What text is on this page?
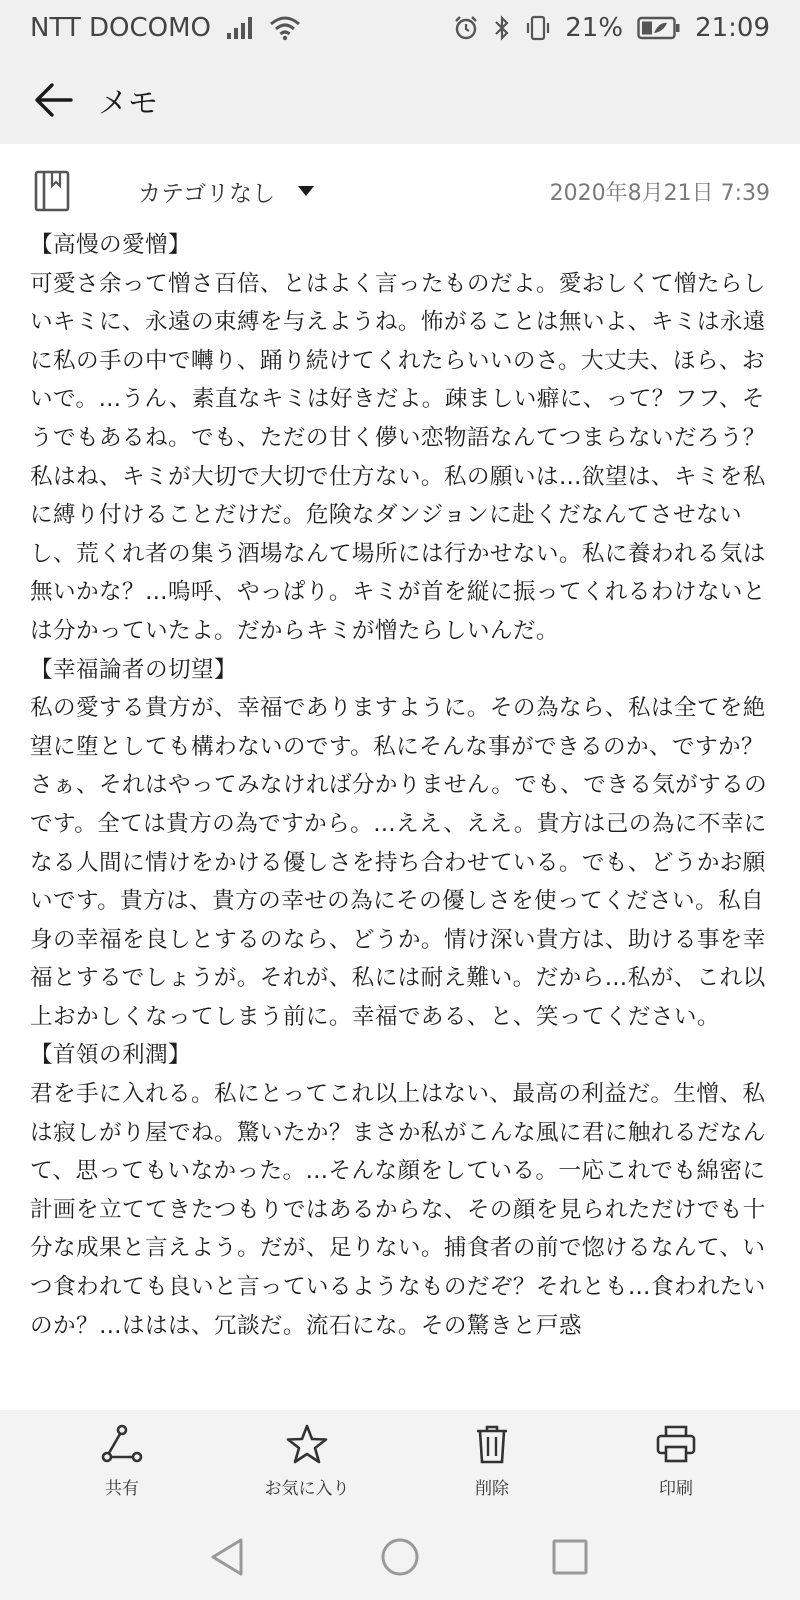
NTT DOCOMO	21%	21:09
メモ
カテゴリなし	2020年8月21日 7:39
【高慢の愛憎】
可愛さ余って憎さ百倍、とはよく言ったものだよ。愛おしくて憎たらしいキミに、永遠の束縛を与えようね。怖がることは無いよ、キミは永遠に私の手の中で囀り、踊り続けてくれたらいいのさ。大丈夫、ほら、おいで。…うん、素直なキミは好きだよ。疎ましい癖に、って？フフ、そうでもあるね。でも、ただの甘く儚い恋物語なんてつまらないだろう？私はね、キミが大切で大切で仕方ない。私の願いは…欲望は、キミを私に縛り付けることだけだ。危険なダンジョンに赴くだなんてさせないし、荒くれ者の集う酒場なんて場所には行かせない。私に養われる気は無いかな？…嗚呼、やっぱり。キミが首を縦に振ってくれるわけないとは分かっていたよ。だからキミが憎たらしいんだ。
【幸福論者の切望】
私の愛する貴方が、幸福でありますように。その為なら、私は全てを絶望に堕としても構わないのです。私にそんな事ができるのか、ですか？さぁ、それはやってみなければ分かりません。でも、できる気がするのです。全ては貴方の為ですから。…ええ、ええ。貴方は己の為に不幸になる人間に情けをかける優しさを持ち合わせている。でも、どうかお願いです。貴方は、貴方の幸せの為にその優しさを使ってください。私自身の幸福を良しとするのなら、どうか。情け深い貴方は、助ける事を幸福とするでしょうが。それが、私には耐え難い。だから…私が、これ以上おかしくなってしまう前に。幸福である、と、笑ってください。
【首領の利潤】
君を手に入れる。私にとってこれ以上はない、最高の利益だ。生憎、私は寂しがり屋でね。驚いたか？まさか私がこんな風に君に触れるだなんて、思ってもいなかった。…そんな顔をしている。一応これでも綿密に計画を立ててきたつもりではあるからな、その顔を見られただけでも十分な成果と言えよう。だが、足りない。捕食者の前で惚けるなんて、いつ食われても良いと言っているようなものだぞ？それとも…食われたいのか？…ははは、冗談だ。流石にな。その驚きと戸惑
共有	お気に入り	削除	印刷
